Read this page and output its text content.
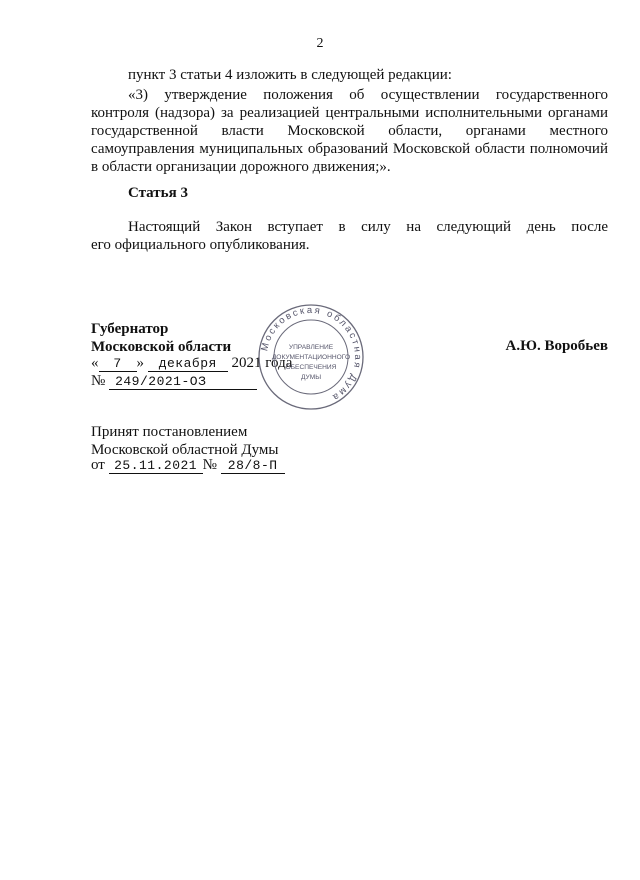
2
пункт 3 статьи 4 изложить в следующей редакции:
«3) утверждение положения об осуществлении государственного
контроля (надзора) за реализацией центральными исполнительными органами
государственной власти Московской области, органами местного
самоуправления муниципальных образований Московской области полномочий
в области организации дорожного движения;».
Статья 3
Настоящий Закон вступает в силу на следующий день после
его официального опубликования.
Губернатор
Московской области	А.Ю. Воробьев
« 7 » декабря 2021 года
№ 249/2021-ОЗ
Московская областная Дума
УПРАВЛЕНИЕ
ДОКУМЕНТАЦИОННОГО
ОБЕСПЕЧЕНИЯ
ДУМЫ
Принят постановлением
Московской областной Думы
от 25.11.2021 № 28/8-П
